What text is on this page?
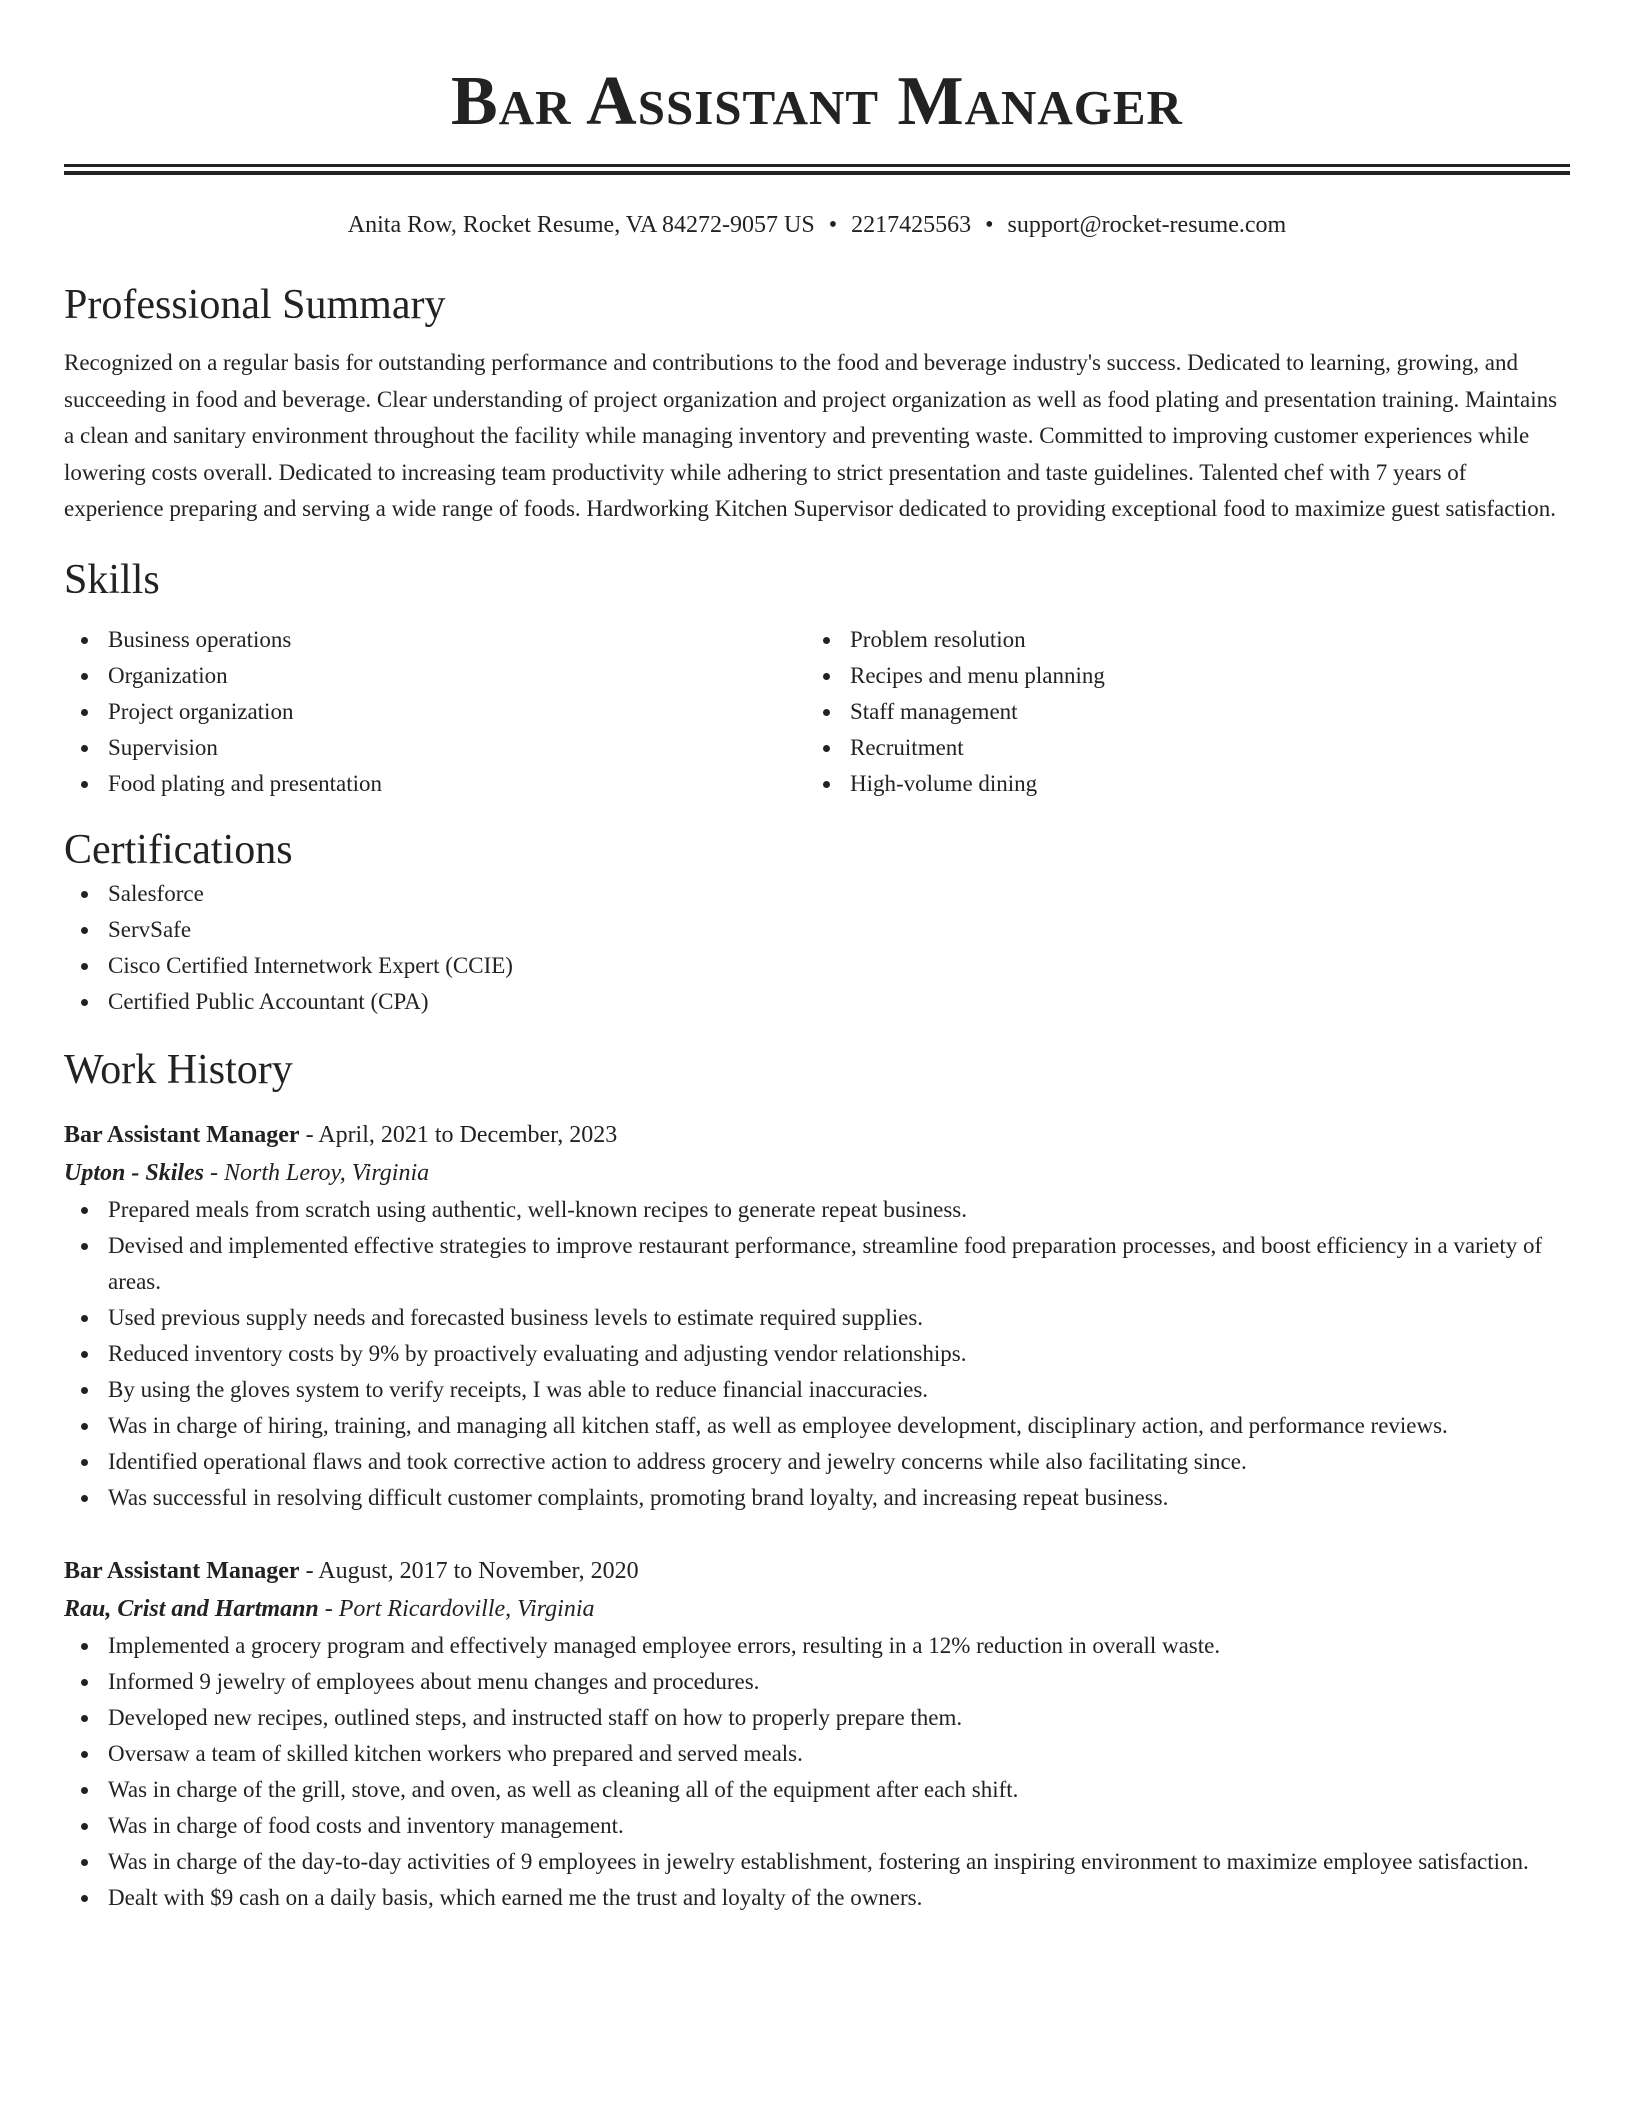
Bar Assistant Manager
Anita Row, Rocket Resume, VA 84272-9057 US • 2217425563 • support@rocket-resume.com
Professional Summary
Recognized on a regular basis for outstanding performance and contributions to the food and beverage industry's success. Dedicated to learning, growing, and succeeding in food and beverage. Clear understanding of project organization and project organization as well as food plating and presentation training. Maintains a clean and sanitary environment throughout the facility while managing inventory and preventing waste. Committed to improving customer experiences while lowering costs overall. Dedicated to increasing team productivity while adhering to strict presentation and taste guidelines. Talented chef with 7 years of experience preparing and serving a wide range of foods. Hardworking Kitchen Supervisor dedicated to providing exceptional food to maximize guest satisfaction.
Skills
Business operations
Organization
Project organization
Supervision
Food plating and presentation
Problem resolution
Recipes and menu planning
Staff management
Recruitment
High-volume dining
Certifications
Salesforce
ServSafe
Cisco Certified Internetwork Expert (CCIE)
Certified Public Accountant (CPA)
Work History
Bar Assistant Manager - April, 2021 to December, 2023
Upton - Skiles - North Leroy, Virginia
Prepared meals from scratch using authentic, well-known recipes to generate repeat business.
Devised and implemented effective strategies to improve restaurant performance, streamline food preparation processes, and boost efficiency in a variety of areas.
Used previous supply needs and forecasted business levels to estimate required supplies.
Reduced inventory costs by 9% by proactively evaluating and adjusting vendor relationships.
By using the gloves system to verify receipts, I was able to reduce financial inaccuracies.
Was in charge of hiring, training, and managing all kitchen staff, as well as employee development, disciplinary action, and performance reviews.
Identified operational flaws and took corrective action to address grocery and jewelry concerns while also facilitating since.
Was successful in resolving difficult customer complaints, promoting brand loyalty, and increasing repeat business.
Bar Assistant Manager - August, 2017 to November, 2020
Rau, Crist and Hartmann - Port Ricardoville, Virginia
Implemented a grocery program and effectively managed employee errors, resulting in a 12% reduction in overall waste.
Informed 9 jewelry of employees about menu changes and procedures.
Developed new recipes, outlined steps, and instructed staff on how to properly prepare them.
Oversaw a team of skilled kitchen workers who prepared and served meals.
Was in charge of the grill, stove, and oven, as well as cleaning all of the equipment after each shift.
Was in charge of food costs and inventory management.
Was in charge of the day-to-day activities of 9 employees in jewelry establishment, fostering an inspiring environment to maximize employee satisfaction.
Dealt with $9 cash on a daily basis, which earned me the trust and loyalty of the owners.
